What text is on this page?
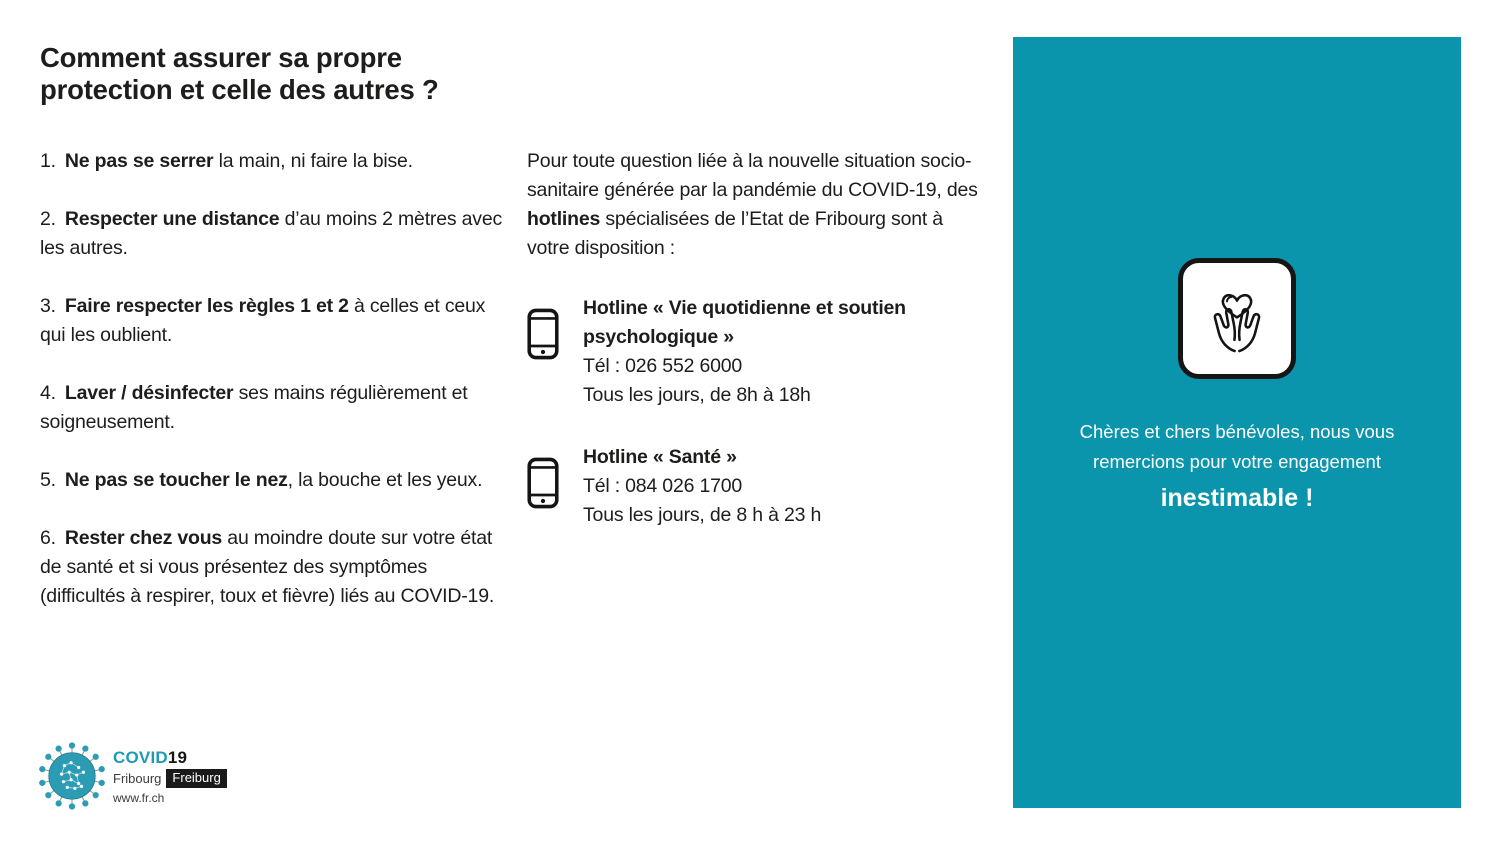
Comment assurer sa propre
protection et celle des autres ?
1. Ne pas se serrer la main, ni faire la bise.
2. Respecter une distance d’au moins 2 mètres avec les autres.
3. Faire respecter les règles 1 et 2 à celles et ceux qui les oublient.
4. Laver / désinfecter ses mains régulièrement et soigneusement.
5. Ne pas se toucher le nez, la bouche et les yeux.
6. Rester chez vous au moindre doute sur votre état de santé et si vous présentez des symptômes (difficultés à respirer, toux et fièvre) liés au COVID-19.

Pour toute question liée à la nouvelle situation socio-sanitaire générée par la pandémie du COVID-19, des hotlines spécialisées de l’Etat de Fribourg sont à votre disposition :

Hotline « Vie quotidienne et soutien psychologique »
Tél : 026 552 6000
Tous les jours, de 8h à 18h
Hotline « Santé »
Tél : 084 026 1700
Tous les jours, de 8 h à 23 h

Chères et chers bénévoles, nous vous
remercions pour votre engagement

inestimable !

COVID19
Fribourg Freiburg
www.fr.ch
